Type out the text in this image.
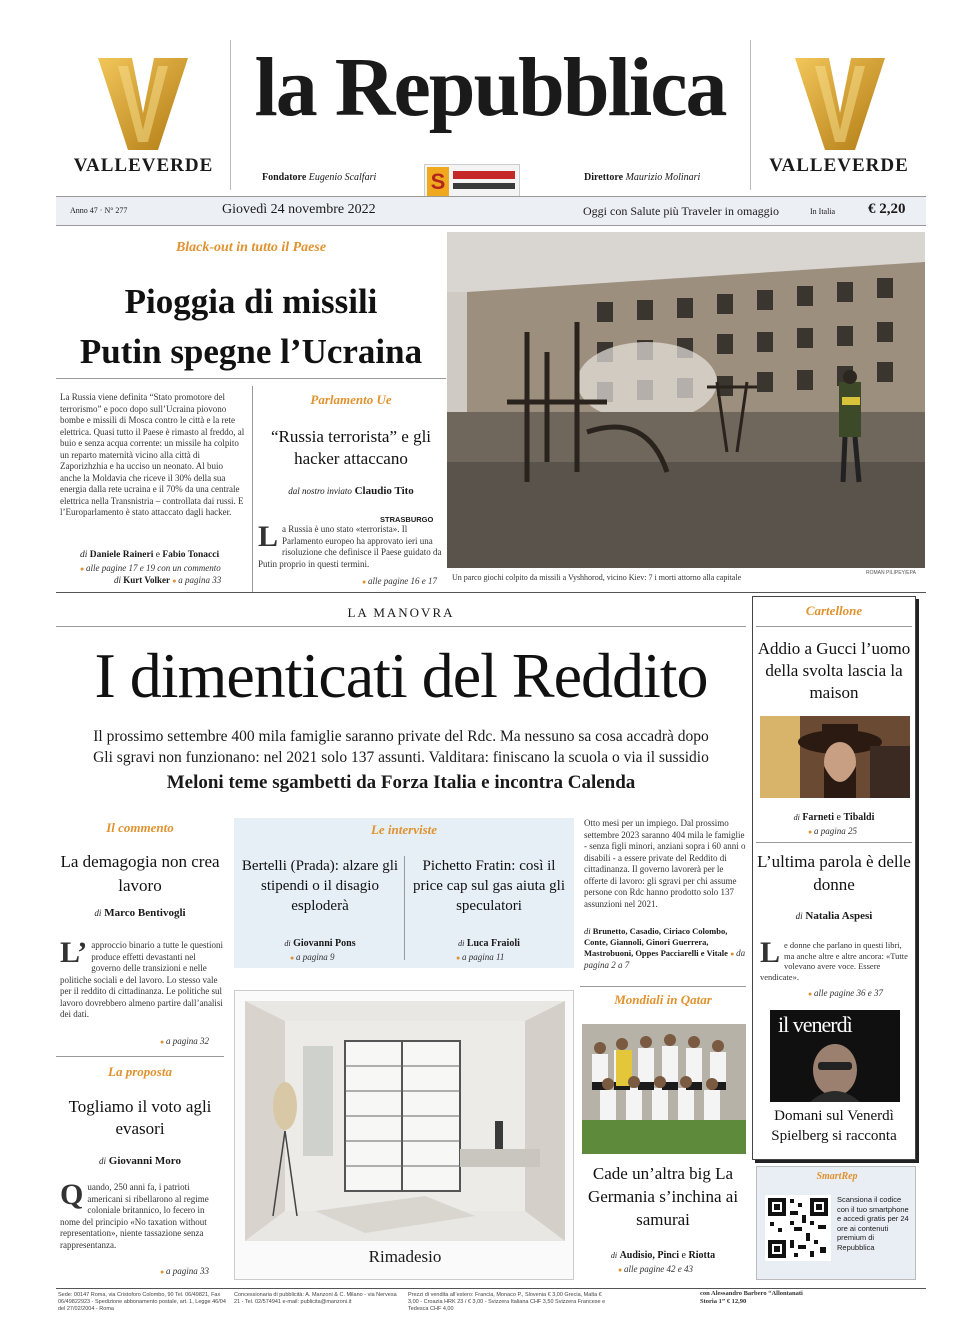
VALLEVERDE	VALLEVERDE
la Repubblica
Fondatore Eugenio Scalfari	Direttore Maurizio Molinari
S
Anno 47 · N° 277	Giovedì 24 novembre 2022	Oggi con Salute più Traveler in omaggio	In Italia € 2,20
Black-out in tutto il Paese
Pioggia di missili
Putin spegne l’Ucraina
La Russia viene definita “Stato promotore del terrorismo” e poco dopo sull’Ucraina piovono bombe e missili di Mosca contro le città e la rete elettrica. Quasi tutto il Paese è rimasto al freddo, al buio e senza acqua corrente: un missile ha colpito un reparto maternità vicino alla città di Zaporizhzhia e ha ucciso un neonato. Al buio anche la Moldavia che riceve il 30% della sua energia dalla rete ucraina e il 70% da una centrale elettrica nella Transnistria – controllata dai russi. E l’Europarlamento è stato attaccato dagli hacker.
di Daniele Raineri e Fabio Tonacci
● alle pagine 17 e 19 con un commento
di Kurt Volker ● a pagina 33
Parlamento Ue
“Russia terrorista” e gli hacker attaccano
dal nostro inviato Claudio Tito
STRASBURGO
La Russia è uno stato «terrorista». Il Parlamento europeo ha approvato ieri una risoluzione che definisce il Paese guidato da Putin proprio in questi termini.
● alle pagine 16 e 17 Un parco giochi colpito da missili a Vyshhorod, vicino Kiev: 7 i morti attorno alla capitale	ROMAN PILIPEY/EPA
LA MANOVRA
I dimenticati del Reddito
Il prossimo settembre 400 mila famiglie saranno private del Rdc. Ma nessuno sa cosa accadrà dopo
Gli sgravi non funzionano: nel 2021 solo 137 assunti. Valditara: finiscano la scuola o via il sussidio
Meloni teme sgambetti da Forza Italia e incontra Calenda
Il commento
La demagogia non crea lavoro
di Marco Bentivogli
L’ approccio binario a tutte le questioni produce effetti devastanti nel governo delle transizioni e nelle politiche sociali e del lavoro. Lo stesso vale per il reddito di cittadinanza. Le politiche sul lavoro dovrebbero almeno partire dall’analisi dei dati.
● a pagina 32
La proposta
Togliamo il voto agli evasori
di Giovanni Moro
Quando, 250 anni fa, i patrioti americani si ribellarono al regime coloniale britannico, lo fecero in nome del principio «No taxation without representation», niente tassazione senza rappresentanza.
● a pagina 33
Le interviste
Bertelli (Prada): alzare gli stipendi o il disagio esploderà
Pichetto Fratin: così il price cap sul gas aiuta gli speculatori
di Giovanni Pons
● a pagina 9
di Luca Fraioli
● a pagina 11
Otto mesi per un impiego. Dal prossimo settembre 2023 saranno 404 mila le famiglie - senza figli minori, anziani sopra i 60 anni o disabili - a essere private del Reddito di cittadinanza. Il governo lavorerà per le offerte di lavoro: gli sgravi per chi assume persone con Rdc hanno prodotto solo 137 assunzioni nel 2021.
di Brunetto, Casadio, Ciriaco Colombo, Conte, Giannoli, Ginori Guerrera, Mastrobuoni, Oppes Pacciarelli e Vitale ● da pagina 2 a 7
Rimadesio
Mondiali in Qatar
Cade un’altra big La Germania s’inchina ai samurai
di Audisio, Pinci e Riotta
● alle pagine 42 e 43
Cartellone
Addio a Gucci l’uomo della svolta lascia la maison
di Farneti e Tibaldi
● a pagina 25
L’ultima parola è delle donne
di Natalia Aspesi
Le donne che parlano in questi libri, ma anche altre e altre ancora: «Tutte volevano avere voce. Essere vendicate».
● alle pagine 36 e 37
il venerdì
Domani sul Venerdì Spielberg si racconta
SmartRep
Scansiona il codice con il tuo smartphone e accedi gratis per 24 ore ai contenuti premium di Repubblica
Sede: 00147 Roma, via Cristoforo Colombo, 90 Tel. 06/49821, Fax 06/49822923 - Spedizione abbonamento postale, art. 1, Legge 46/04 del 27/02/2004 - Roma
Concessionaria di pubblicità: A. Manzoni & C. Milano - via Nervesa 21 - Tel. 02/574941 e-mail: publicita@manzoni.it
Prezzi di vendita all’estero: Francia, Monaco P., Slovenia € 3,00 Grecia, Malta € 3,00 - Croazia HRK 23 / € 3,00 - Svizzera Italiana CHF 3,50 Svizzera Francese e Tedesca CHF 4,00
con Alessandro Barbero “Allontanati Storia 1” € 12,90
